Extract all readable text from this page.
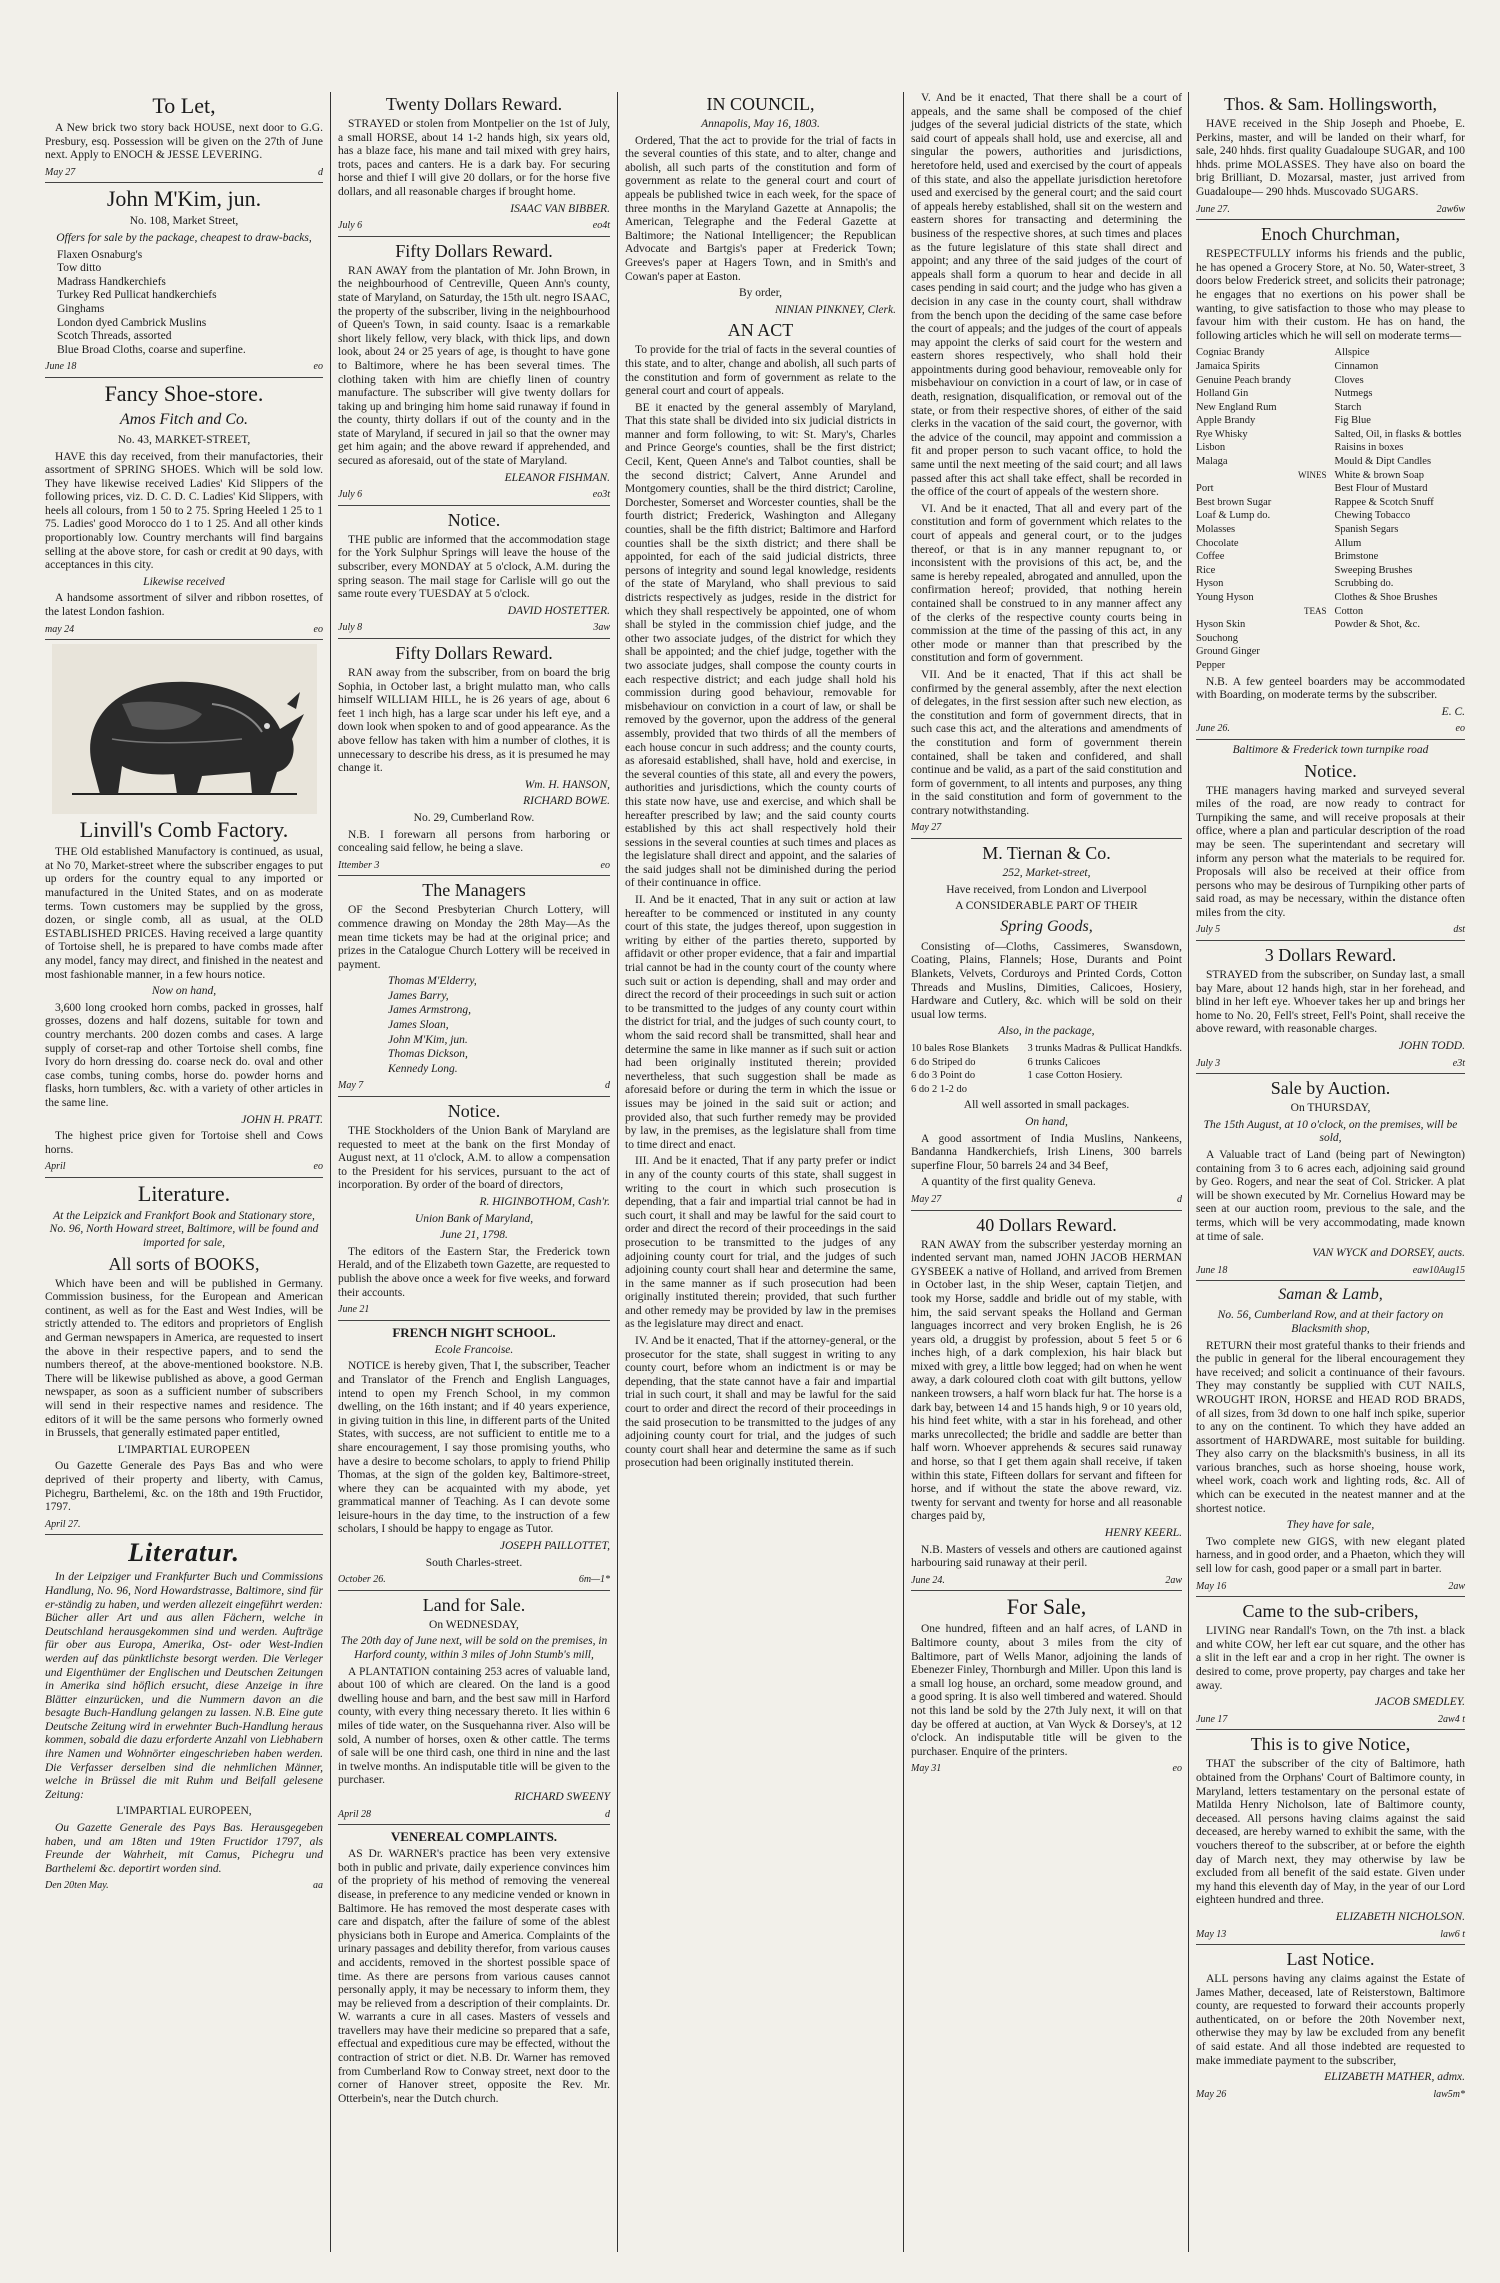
To Let,
A New brick two story back HOUSE, next door to G.G. Presbury, esq. Possession will be given on the 27th of June next. Apply to ENOCH & JESSE LEVERING.
May 27	d
John M'Kim, jun.
No. 108, Market Street,
Offers for sale by the package, cheapest to draw-backs,
Flaxen Osnaburg's
Tow ditto
Madrass Handkerchiefs
Turkey Red Pullicat handkerchiefs
Ginghams
London dyed Cambrick Muslins
Scotch Threads, assorted
Blue Broad Cloths, coarse and superfine.
June 18	eo
Fancy Shoe-store.
Amos Fitch and Co.
No. 43, MARKET-STREET,
HAVE this day received, from their manufactories, their assortment of SPRING SHOES. Which will be sold low. They have likewise received Ladies' Kid Slippers of the following prices, viz. D. C. D. C. Ladies' Kid Slippers, with heels all colours, from 1 50 to 2 75. Spring Heeled 1 25 to 1 75. Ladies' good Morocco do 1 to 1 25. And all other kinds proportionably low. Country merchants will find bargains selling at the above store, for cash or credit at 90 days, with acceptances in this city.
Likewise received
A handsome assortment of silver and ribbon rosettes, of the latest London fashion.
may 24	eo
Linvill's Comb Factory.
THE Old established Manufactory is continued, as usual, at No 70, Market-street where the subscriber engages to put up orders for the country equal to any imported or manufactured in the United States, and on as moderate terms. Town customers may be supplied by the gross, dozen, or single comb, all as usual, at the OLD ESTABLISHED PRICES. Having received a large quantity of Tortoise shell, he is prepared to have combs made after any model, fancy may direct, and finished in the neatest and most fashionable manner, in a few hours notice.
Now on hand,
3,600 long crooked horn combs, packed in grosses, half grosses, dozens and half dozens, suitable for town and country merchants. 200 dozen combs and cases. A large supply of corset-rap and other Tortoise shell combs, fine Ivory do horn dressing do. coarse neck do. oval and other case combs, tuning combs, horse do. powder horns and flasks, horn tumblers, &c. with a variety of other articles in the same line.
JOHN H. PRATT.
The highest price given for Tortoise shell and Cows horns.
April	eo
Literature.
At the Leipzick and Frankfort Book and Stationary store, No. 96, North Howard street, Baltimore, will be found and imported for sale,
All sorts of BOOKS,
Which have been and will be published in Germany. Commission business, for the European and American continent, as well as for the East and West Indies, will be strictly attended to. The editors and proprietors of English and German newspapers in America, are requested to insert the above in their respective papers, and to send the numbers thereof, at the above-mentioned bookstore. N.B. There will be likewise published as above, a good German newspaper, as soon as a sufficient number of subscribers will send in their respective names and residence. The editors of it will be the same persons who formerly owned in Brussels, that generally estimated paper entitled,
L'IMPARTIAL EUROPEEN
Ou Gazette Generale des Pays Bas and who were deprived of their property and liberty, with Camus, Pichegru, Barthelemi, &c. on the 18th and 19th Fructidor, 1797.
April 27.
Literatur.
In der Leipziger und Frankfurter Buch und Commissions Handlung, No. 96, Nord Howardstrasse, Baltimore, sind für er-ständig zu haben, und werden allezeit eingeführt werden: Bücher aller Art und aus allen Fächern, welche in Deutschland herausgekommen sind und werden. Aufträge für ober aus Europa, Amerika, Ost- oder West-Indien werden auf das pünktlichste besorgt werden. Die Verleger und Eigenthümer der Englischen und Deutschen Zeitungen in Amerika sind höflich ersucht, diese Anzeige in ihre Blätter einzurücken, und die Nummern davon an die besagte Buch-Handlung gelangen zu lassen. N.B. Eine gute Deutsche Zeitung wird in erwehnter Buch-Handlung heraus kommen, sobald die dazu erforderte Anzahl von Liebhabern ihre Namen und Wohnörter eingeschrieben haben werden. Die Verfasser derselben sind die nehmlichen Männer, welche in Brüssel die mit Ruhm und Beifall gelesene Zeitung:
L'IMPARTIAL EUROPEEN,
Ou Gazette Generale des Pays Bas. Herausgegeben haben, und am 18ten und 19ten Fructidor 1797, als Freunde der Wahrheit, mit Camus, Pichegru und Barthelemi &c. deportirt worden sind.
Den 20ten May.	aa
Twenty Dollars Reward.
STRAYED or stolen from Montpelier on the 1st of July, a small HORSE, about 14 1-2 hands high, six years old, has a blaze face, his mane and tail mixed with grey hairs, trots, paces and canters. He is a dark bay. For securing horse and thief I will give 20 dollars, or for the horse five dollars, and all reasonable charges if brought home.
ISAAC VAN BIBBER.
July 6	eo4t
Fifty Dollars Reward.
RAN AWAY from the plantation of Mr. John Brown, in the neighbourhood of Centreville, Queen Ann's county, state of Maryland, on Saturday, the 15th ult. negro ISAAC, the property of the subscriber, living in the neighbourhood of Queen's Town, in said county. Isaac is a remarkable short likely fellow, very black, with thick lips, and down look, about 24 or 25 years of age, is thought to have gone to Baltimore, where he has been several times. The clothing taken with him are chiefly linen of country manufacture. The subscriber will give twenty dollars for taking up and bringing him home said runaway if found in the county, thirty dollars if out of the county and in the state of Maryland, if secured in jail so that the owner may get him again; and the above reward if apprehended, and secured as aforesaid, out of the state of Maryland.
ELEANOR FISHMAN.
July 6	eo3t
Notice.
THE public are informed that the accommodation stage for the York Sulphur Springs will leave the house of the subscriber, every MONDAY at 5 o'clock, A.M. during the spring season. The mail stage for Carlisle will go out the same route every TUESDAY at 5 o'clock.
DAVID HOSTETTER.
July 8	3aw
Fifty Dollars Reward.
RAN away from the subscriber, from on board the brig Sophia, in October last, a bright mulatto man, who calls himself WILLIAM HILL, he is 26 years of age, about 6 feet 1 inch high, has a large scar under his left eye, and a down look when spoken to and of good appearance. As the above fellow has taken with him a number of clothes, it is unnecessary to describe his dress, as it is presumed he may change it.
Wm. H. HANSON,
RICHARD BOWE.
No. 29, Cumberland Row.
N.B. I forewarn all persons from harboring or concealing said fellow, he being a slave.
Ittember 3	eo
The Managers
OF the Second Presbyterian Church Lottery, will commence drawing on Monday the 28th May—As the mean time tickets may be had at the original price; and prizes in the Catalogue Church Lottery will be received in payment.
Thomas M'Elderry,
James Barry,
James Armstrong,
James Sloan,
John M'Kim, jun.
Thomas Dickson,
Kennedy Long.
May 7	d
Notice.
THE Stockholders of the Union Bank of Maryland are requested to meet at the bank on the first Monday of August next, at 11 o'clock, A.M. to allow a compensation to the President for his services, pursuant to the act of incorporation. By order of the board of directors,
R. HIGINBOTHOM, Cash'r.
Union Bank of Maryland,
June 21, 1798.
The editors of the Eastern Star, the Frederick town Herald, and of the Elizabeth town Gazette, are requested to publish the above once a week for five weeks, and forward their accounts.
June 21
FRENCH NIGHT SCHOOL.
Ecole Francoise.
NOTICE is hereby given, That I, the subscriber, Teacher and Translator of the French and English Languages, intend to open my French School, in my common dwelling, on the 16th instant; and if 40 years experience, in giving tuition in this line, in different parts of the United States, with success, are not sufficient to entitle me to a share encouragement, I say those promising youths, who have a desire to become scholars, to apply to friend Philip Thomas, at the sign of the golden key, Baltimore-street, where they can be acquainted with my abode, yet grammatical manner of Teaching. As I can devote some leisure-hours in the day time, to the instruction of a few scholars, I should be happy to engage as Tutor.
JOSEPH PAILLOTTET,
South Charles-street.
October 26.	6m—1*
Land for Sale.
On WEDNESDAY,
The 20th day of June next, will be sold on the premises, in Harford county, within 3 miles of John Stumb's mill,
A PLANTATION containing 253 acres of valuable land, about 100 of which are cleared. On the land is a good dwelling house and barn, and the best saw mill in Harford county, with every thing necessary thereto. It lies within 6 miles of tide water, on the Susquehanna river. Also will be sold, A number of horses, oxen & other cattle. The terms of sale will be one third cash, one third in nine and the last in twelve months. An indisputable title will be given to the purchaser.
RICHARD SWEENY
April 28	d
VENEREAL COMPLAINTS.
AS Dr. WARNER's practice has been very extensive both in public and private, daily experience convinces him of the propriety of his method of removing the venereal disease, in preference to any medicine vended or known in Baltimore. He has removed the most desperate cases with care and dispatch, after the failure of some of the ablest physicians both in Europe and America. Complaints of the urinary passages and debility therefor, from various causes and accidents, removed in the shortest possible space of time. As there are persons from various causes cannot personally apply, it may be necessary to inform them, they may be relieved from a description of their complaints. Dr. W. warrants a cure in all cases. Masters of vessels and travellers may have their medicine so prepared that a safe, effectual and expeditious cure may be effected, without the contraction of strict or diet. N.B. Dr. Warner has removed from Cumberland Row to Conway street, next door to the corner of Hanover street, opposite the Rev. Mr. Otterbein's, near the Dutch church.
IN COUNCIL,
Annapolis, May 16, 1803.
Ordered, That the act to provide for the trial of facts in the several counties of this state, and to alter, change and abolish, all such parts of the constitution and form of government as relate to the general court and court of appeals be published twice in each week, for the space of three months in the Maryland Gazette at Annapolis; the American, Telegraphe and the Federal Gazette at Baltimore; the National Intelligencer; the Republican Advocate and Bartgis's paper at Frederick Town; Greeves's paper at Hagers Town, and in Smith's and Cowan's paper at Easton.
By order,
NINIAN PINKNEY, Clerk.
AN ACT
To provide for the trial of facts in the several counties of this state, and to alter, change and abolish, all such parts of the constitution and form of government as relate to the general court and court of appeals.
BE it enacted by the general assembly of Maryland, That this state shall be divided into six judicial districts in manner and form following, to wit: St. Mary's, Charles and Prince George's counties, shall be the first district; Cecil, Kent, Queen Anne's and Talbot counties, shall be the second district; Calvert, Anne Arundel and Montgomery counties, shall be the third district; Caroline, Dorchester, Somerset and Worcester counties, shall be the fourth district; Frederick, Washington and Allegany counties, shall be the fifth district; Baltimore and Harford counties shall be the sixth district; and there shall be appointed, for each of the said judicial districts, three persons of integrity and sound legal knowledge, residents of the state of Maryland, who shall previous to said districts respectively as judges, reside in the district for which they shall respectively be appointed, one of whom shall be styled in the commission chief judge, and the other two associate judges, of the district for which they shall be appointed; and the chief judge, together with the two associate judges, shall compose the county courts in each respective district; and each judge shall hold his commission during good behaviour, removable for misbehaviour on conviction in a court of law, or shall be removed by the governor, upon the address of the general assembly, provided that two thirds of all the members of each house concur in such address; and the county courts, as aforesaid established, shall have, hold and exercise, in the several counties of this state, all and every the powers, authorities and jurisdictions, which the county courts of this state now have, use and exercise, and which shall be hereafter prescribed by law; and the said county courts established by this act shall respectively hold their sessions in the several counties at such times and places as the legislature shall direct and appoint, and the salaries of the said judges shall not be diminished during the period of their continuance in office.
II. And be it enacted, That in any suit or action at law hereafter to be commenced or instituted in any county court of this state, the judges thereof, upon suggestion in writing by either of the parties thereto, supported by affidavit or other proper evidence, that a fair and impartial trial cannot be had in the county court of the county where such suit or action is depending, shall and may order and direct the record of their proceedings in such suit or action to be transmitted to the judges of any county court within the district for trial, and the judges of such county court, to whom the said record shall be transmitted, shall hear and determine the same in like manner as if such suit or action had been originally instituted therein; provided nevertheless, that such suggestion shall be made as aforesaid before or during the term in which the issue or issues may be joined in the said suit or action; and provided also, that such further remedy may be provided by law, in the premises, as the legislature shall from time to time direct and enact.
III. And be it enacted, That if any party prefer or indict in any of the county courts of this state, shall suggest in writing to the court in which such prosecution is depending, that a fair and impartial trial cannot be had in such court, it shall and may be lawful for the said court to order and direct the record of their proceedings in the said prosecution to be transmitted to the judges of any adjoining county court for trial, and the judges of such adjoining county court shall hear and determine the same, in the same manner as if such prosecution had been originally instituted therein; provided, that such further and other remedy may be provided by law in the premises as the legislature may direct and enact.
IV. And be it enacted, That if the attorney-general, or the prosecutor for the state, shall suggest in writing to any county court, before whom an indictment is or may be depending, that the state cannot have a fair and impartial trial in such court, it shall and may be lawful for the said court to order and direct the record of their proceedings in the said prosecution to be transmitted to the judges of any adjoining county court for trial, and the judges of such county court shall hear and determine the same as if such prosecution had been originally instituted therein.
V. And be it enacted, That there shall be a court of appeals, and the same shall be composed of the chief judges of the several judicial districts of the state, which said court of appeals shall hold, use and exercise, all and singular the powers, authorities and jurisdictions, heretofore held, used and exercised by the court of appeals of this state, and also the appellate jurisdiction heretofore used and exercised by the general court; and the said court of appeals hereby established, shall sit on the western and eastern shores for transacting and determining the business of the respective shores, at such times and places as the future legislature of this state shall direct and appoint; and any three of the said judges of the court of appeals shall form a quorum to hear and decide in all cases pending in said court; and the judge who has given a decision in any case in the county court, shall withdraw from the bench upon the deciding of the same case before the court of appeals; and the judges of the court of appeals may appoint the clerks of said court for the western and eastern shores respectively, who shall hold their appointments during good behaviour, removeable only for misbehaviour on conviction in a court of law, or in case of death, resignation, disqualification, or removal out of the state, or from their respective shores, of either of the said clerks in the vacation of the said court, the governor, with the advice of the council, may appoint and commission a fit and proper person to such vacant office, to hold the same until the next meeting of the said court; and all laws passed after this act shall take effect, shall be recorded in the office of the court of appeals of the western shore.
VI. And be it enacted, That all and every part of the constitution and form of government which relates to the court of appeals and general court, or to the judges thereof, or that is in any manner repugnant to, or inconsistent with the provisions of this act, be, and the same is hereby repealed, abrogated and annulled, upon the confirmation hereof; provided, that nothing herein contained shall be construed to in any manner affect any of the clerks of the respective county courts being in commission at the time of the passing of this act, in any other mode or manner than that prescribed by the constitution and form of government.
VII. And be it enacted, That if this act shall be confirmed by the general assembly, after the next election of delegates, in the first session after such new election, as the constitution and form of government directs, that in such case this act, and the alterations and amendments of the constitution and form of government therein contained, shall be taken and confidered, and shall continue and be valid, as a part of the said constitution and form of government, to all intents and purposes, any thing in the said constitution and form of government to the contrary notwithstanding.
May 27
M. Tiernan & Co.
252, Market-street,
Have received, from London and Liverpool
A CONSIDERABLE PART OF THEIR
Spring Goods,
Consisting of—Cloths, Cassimeres, Swansdown, Coating, Plains, Flannels; Hose, Durants and Point Blankets, Velvets, Corduroys and Printed Cords, Cotton Threads and Muslins, Dimities, Calicoes, Hosiery, Hardware and Cutlery, &c. which will be sold on their usual low terms.
Also, in the package,
10 bales Rose Blankets	3 trunks Madras & Pullicat Handkfs.
6 do Striped do	6 trunks Calicoes
6 do 3 Point do	1 case Cotton Hosiery.
6 do 2 1-2 do
All well assorted in small packages.
On hand,
A good assortment of India Muslins, Nankeens, Bandanna Handkerchiefs, Irish Linens, 300 barrels superfine Flour, 50 barrels 24 and 34 Beef,
A quantity of the first quality Geneva.
May 27	d
40 Dollars Reward.
RAN AWAY from the subscriber yesterday morning an indented servant man, named JOHN JACOB HERMAN GYSBEEK a native of Holland, and arrived from Bremen in October last, in the ship Weser, captain Tietjen, and took my Horse, saddle and bridle out of my stable, with him, the said servant speaks the Holland and German languages incorrect and very broken English, he is 26 years old, a druggist by profession, about 5 feet 5 or 6 inches high, of a dark complexion, his hair black but mixed with grey, a little bow legged; had on when he went away, a dark coloured cloth coat with gilt buttons, yellow nankeen trowsers, a half worn black fur hat. The horse is a dark bay, between 14 and 15 hands high, 9 or 10 years old, his hind feet white, with a star in his forehead, and other marks unrecollected; the bridle and saddle are better than half worn. Whoever apprehends & secures said runaway and horse, so that I get them again shall receive, if taken within this state, Fifteen dollars for servant and fifteen for horse, and if without the state the above reward, viz. twenty for servant and twenty for horse and all reasonable charges paid by,
HENRY KEERL.
N.B. Masters of vessels and others are cautioned against harbouring said runaway at their peril.
June 24.	2aw
For Sale,
One hundred, fifteen and an half acres, of LAND in Baltimore county, about 3 miles from the city of Baltimore, part of Wells Manor, adjoining the lands of Ebenezer Finley, Thornburgh and Miller. Upon this land is a small log house, an orchard, some meadow ground, and a good spring. It is also well timbered and watered. Should not this land be sold by the 27th July next, it will on that day be offered at auction, at Van Wyck & Dorsey's, at 12 o'clock. An indisputable title will be given to the purchaser. Enquire of the printers.
May 31	eo
Thos. & Sam. Hollingsworth,
HAVE received in the Ship Joseph and Phoebe, E. Perkins, master, and will be landed on their wharf, for sale, 240 hhds. first quality Guadaloupe SUGAR, and 100 hhds. prime MOLASSES. They have also on board the brig Brilliant, D. Mozarsal, master, just arrived from Guadaloupe— 290 hhds. Muscovado SUGARS.
June 27.	2aw6w
Enoch Churchman,
RESPECTFULLY informs his friends and the public, he has opened a Grocery Store, at No. 50, Water-street, 3 doors below Frederick street, and solicits their patronage; he engages that no exertions on his power shall be wanting, to give satisfaction to those who may please to favour him with their custom. He has on hand, the following articles which he will sell on moderate terms—
Cogniac Brandy
Jamaica Spirits
Genuine Peach brandy
Holland Gin
New England Rum
Apple Brandy
Rye Whisky
Lisbon
Malaga
WINES
Port
Best brown Sugar
Loaf & Lump do.
Molasses
Chocolate
Coffee
Rice
Hyson
Young Hyson
TEAS
Hyson Skin
Souchong
Ground Ginger
Pepper
Allspice
Cinnamon
Cloves
Nutmegs
Starch
Fig Blue
Salted, Oil, in flasks & bottles
Raisins in boxes
Mould & Dipt Candles
White & brown Soap
Best Flour of Mustard
Rappee & Scotch Snuff
Chewing Tobacco
Spanish Segars
Allum
Brimstone
Sweeping Brushes
Scrubbing do.
Clothes & Shoe Brushes
Cotton
Powder & Shot, &c.
N.B. A few genteel boarders may be accommodated with Boarding, on moderate terms by the subscriber.
E. C.
June 26.	eo
Baltimore & Frederick town turnpike road
Notice.
THE managers having marked and surveyed several miles of the road, are now ready to contract for Turnpiking the same, and will receive proposals at their office, where a plan and particular description of the road may be seen. The superintendant and secretary will inform any person what the materials to be required for. Proposals will also be received at their office from persons who may be desirous of Turnpiking other parts of said road, as may be necessary, within the distance often miles from the city.
July 5	dst
3 Dollars Reward.
STRAYED from the subscriber, on Sunday last, a small bay Mare, about 12 hands high, star in her forehead, and blind in her left eye. Whoever takes her up and brings her home to No. 20, Fell's street, Fell's Point, shall receive the above reward, with reasonable charges.
JOHN TODD.
July 3	e3t
Sale by Auction.
On THURSDAY,
The 15th August, at 10 o'clock, on the premises, will be sold,
A Valuable tract of Land (being part of Newington) containing from 3 to 6 acres each, adjoining said ground by Geo. Rogers, and near the seat of Col. Stricker. A plat will be shown executed by Mr. Cornelius Howard may be seen at our auction room, previous to the sale, and the terms, which will be very accommodating, made known at time of sale.
VAN WYCK and DORSEY, aucts.
June 18	eaw10Aug15
Saman & Lamb,
No. 56, Cumberland Row, and at their factory on Blacksmith shop,
RETURN their most grateful thanks to their friends and the public in general for the liberal encouragement they have received; and solicit a continuance of their favours. They may constantly be supplied with CUT NAILS, WROUGHT IRON, HORSE and HEAD ROD BRADS, of all sizes, from 3d down to one half inch spike, superior to any on the continent. To which they have added an assortment of HARDWARE, most suitable for building. They also carry on the blacksmith's business, in all its various branches, such as horse shoeing, house work, wheel work, coach work and lighting rods, &c. All of which can be executed in the neatest manner and at the shortest notice.
They have for sale,
Two complete new GIGS, with new elegant plated harness, and in good order, and a Phaeton, which they will sell low for cash, good paper or a small part in barter.
May 16	2aw
Came to the sub-cribers,
LIVING near Randall's Town, on the 7th inst. a black and white COW, her left ear cut square, and the other has a slit in the left ear and a crop in her right. The owner is desired to come, prove property, pay charges and take her away.
JACOB SMEDLEY.
June 17	2aw4 t
This is to give Notice,
THAT the subscriber of the city of Baltimore, hath obtained from the Orphans' Court of Baltimore county, in Maryland, letters testamentary on the personal estate of Matilda Henry Nicholson, late of Baltimore county, deceased. All persons having claims against the said deceased, are hereby warned to exhibit the same, with the vouchers thereof to the subscriber, at or before the eighth day of March next, they may otherwise by law be excluded from all benefit of the said estate. Given under my hand this eleventh day of May, in the year of our Lord eighteen hundred and three.
ELIZABETH NICHOLSON.
May 13	law6 t
Last Notice.
ALL persons having any claims against the Estate of James Mather, deceased, late of Reisterstown, Baltimore county, are requested to forward their accounts properly authenticated, on or before the 20th November next, otherwise they may by law be excluded from any benefit of said estate. And all those indebted are requested to make immediate payment to the subscriber,
ELIZABETH MATHER, admx.
May 26	law5m*
